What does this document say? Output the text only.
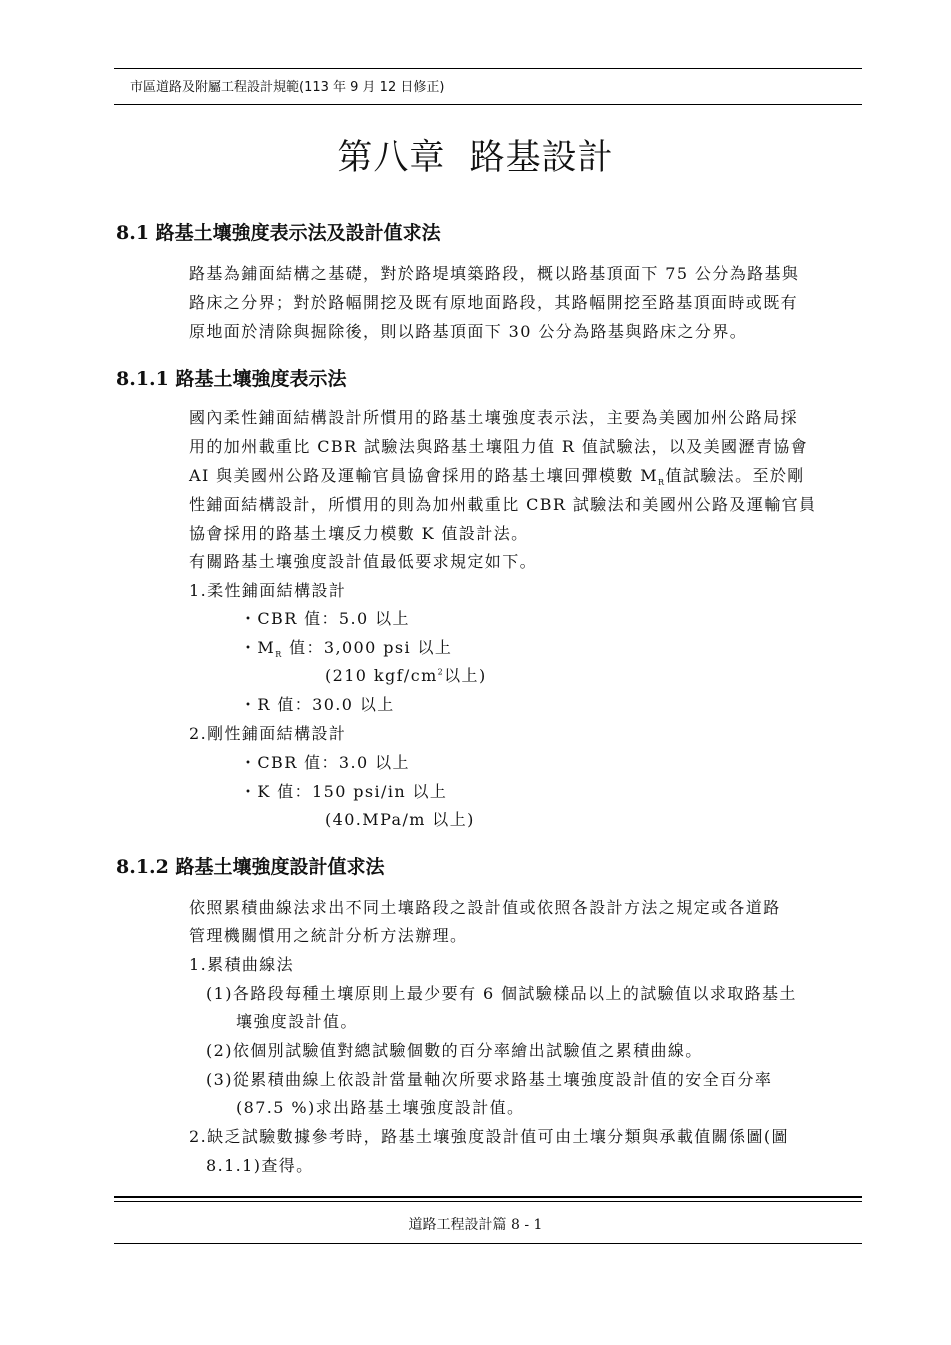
市區道路及附屬工程設計規範(113 年 9 月 12 日修正)
第八章  路基設計
8.1 路基土壤強度表示法及設計值求法
路基為鋪面結構之基礎，對於路堤填築路段，概以路基頂面下 75 公分為路基與
路床之分界；對於路幅開挖及既有原地面路段，其路幅開挖至路基頂面時或既有
原地面於清除與掘除後，則以路基頂面下 30 公分為路基與路床之分界。
8.1.1 路基土壤強度表示法
國內柔性鋪面結構設計所慣用的路基土壤強度表示法，主要為美國加州公路局採
用的加州載重比 CBR 試驗法與路基土壤阻力值 R 值試驗法，以及美國瀝青協會
AI 與美國州公路及運輸官員協會採用的路基土壤回彈模數 $M_R$值試驗法。至於剛
性鋪面結構設計，所慣用的則為加州載重比 CBR 試驗法和美國州公路及運輸官員
協會採用的路基土壤反力模數 K 值設計法。
有關路基土壤強度設計值最低要求規定如下。
1.柔性鋪面結構設計
・CBR 值：5.0 以上
・$M_R$ 值：3,000 psi 以上
(210 kgf/$cm^2$以上)
・R 值：30.0 以上
2.剛性鋪面結構設計
・CBR 值：3.0 以上
・K 值：150 psi/in 以上
(40.MPa/m 以上)
8.1.2 路基土壤強度設計值求法
依照累積曲線法求出不同土壤路段之設計值或依照各設計方法之規定或各道路
管理機關慣用之統計分析方法辦理。
1.累積曲線法
(1)各路段每種土壤原則上最少要有 6 個試驗樣品以上的試驗值以求取路基土
壤強度設計值。
(2)依個別試驗值對總試驗個數的百分率繪出試驗值之累積曲線。
(3)從累積曲線上依設計當量軸次所要求路基土壤強度設計值的安全百分率
(87.5 %)求出路基土壤強度設計值。
2.缺乏試驗數據參考時，路基土壤強度設計值可由土壤分類與承載值關係圖(圖
8.1.1)查得。
道路工程設計篇 8 - 1
